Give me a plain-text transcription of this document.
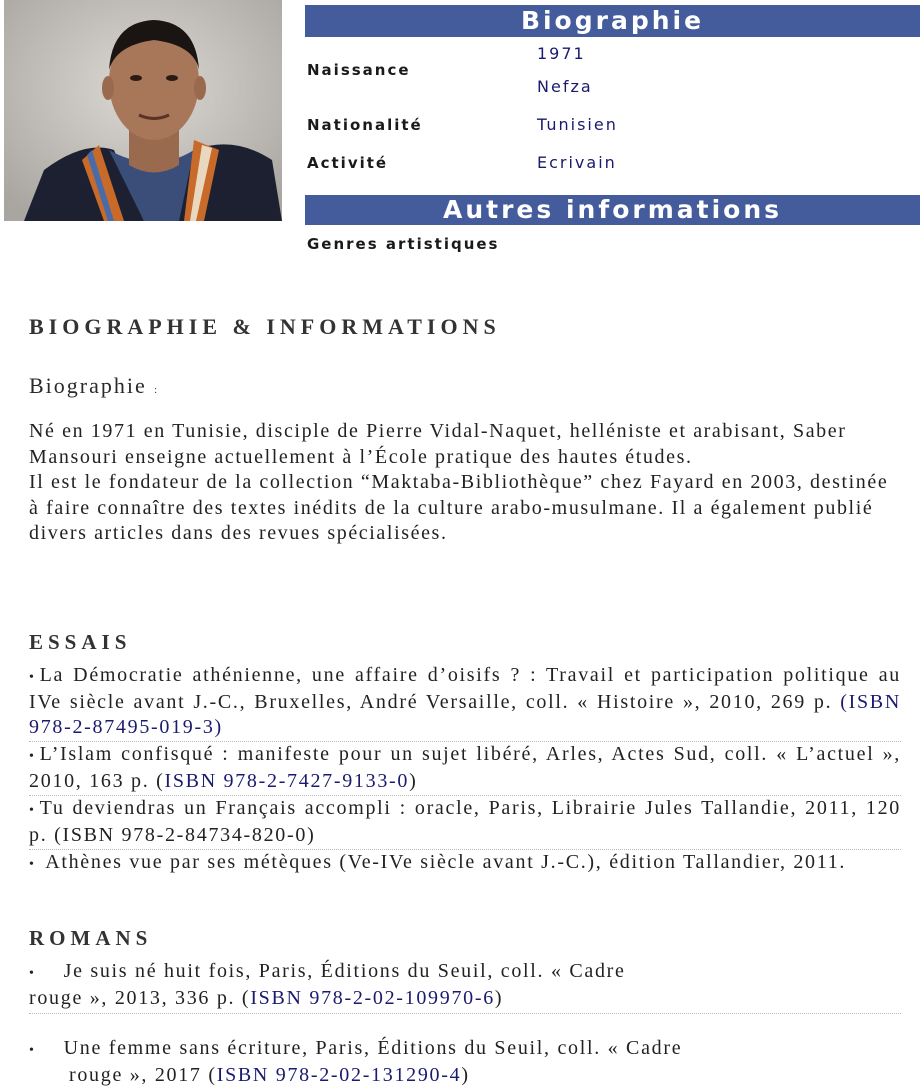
Biographie
Naissance
1971
Nefza
Nationalité	Tunisien
Activité	Ecrivain
Autres informations
Genres artistiques
BIOGRAPHIE & INFORMATIONS
Biographie :

Né en 1971 en Tunisie, disciple de Pierre Vidal-Naquet, helléniste et arabisant, Saber Mansouri enseigne actuellement à l’École pratique des hautes études.

Il est le fondateur de la collection “Maktaba-Bibliothèque” chez Fayard en 2003, destinée à faire connaître des textes inédits de la culture arabo-musulmane. Il a également publié divers articles dans des revues spécialisées.

ESSAIS
• La Démocratie athénienne, une affaire d’oisifs ? : Travail et participation politique au IVe siècle avant J.-C., Bruxelles, André Versaille, coll. « Histoire », 2010, 269 p. (ISBN 978-2-87495-019-3)
• L’Islam confisqué : manifeste pour un sujet libéré, Arles, Actes Sud, coll. « L’actuel », 2010, 163 p. (ISBN 978-2-7427-9133-0)
• Tu deviendras un Français accompli : oracle, Paris, Librairie Jules Tallandie, 2011, 120 p. (ISBN 978-2-84734-820-0)
• Athènes vue par ses métèques (Ve-IVe siècle avant J.-C.), édition Tallandier, 2011.
ROMANS
• Je suis né huit fois, Paris, Éditions du Seuil, coll. « Cadre
rouge », 2013, 336 p. (ISBN 978-2-02-109970-6)
• Une femme sans écriture, Paris, Éditions du Seuil, coll. « Cadre
rouge », 2017 (ISBN 978-2-02-131290-4)
